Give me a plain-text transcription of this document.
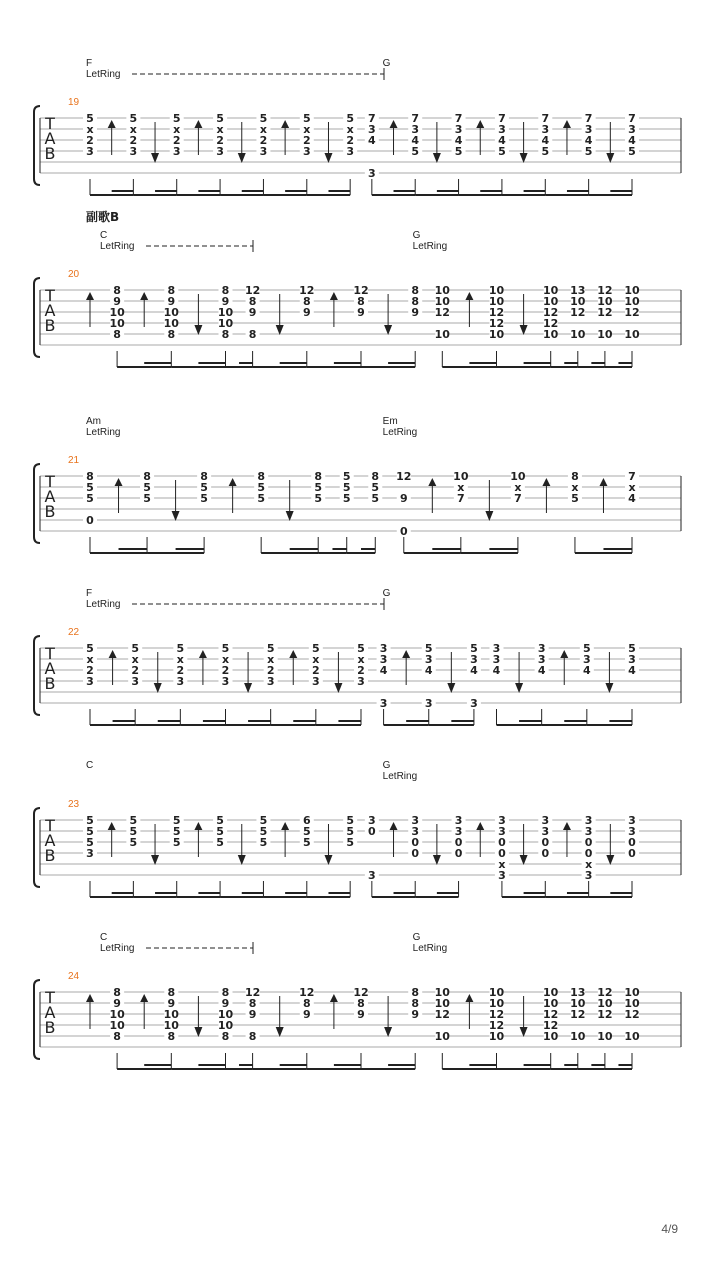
T
A
B
19
F
LetRing
G
5
x
2
3
5
x
2
3
5
x
2
3
5
x
2
3
5
x
2
3
5
x
2
3
5
x
2
3
7
3
4
3
7
3
4
5
7
3
4
5
7
3
4
5
7
3
4
5
7
3
4
5
7
3
4
5
T
A
B
20
副歌B
C
LetRing
G
LetRing
8
9
10
10
8
8
9
10
10
8
8
9
10
10
8
12
8
9
8
12
8
9
12
8
9
8
8
9
10
10
12
10
10
10
12
12
10
10
10
12
12
10
13
10
12
10
12
10
12
10
10
10
12
10
T
A
B
21
Am
LetRing
Em
LetRing
8
5
5
0
8
5
5
8
5
5
8
5
5
8
5
5
5
5
5
8
5
5
12
9
0
10
x
7
10
x
7
8
x
5
7
x
4
T
A
B
22
F
LetRing
G
5
x
2
3
5
x
2
3
5
x
2
3
5
x
2
3
5
x
2
3
5
x
2
3
5
x
2
3
3
3
4
3
5
3
4
3
5
3
4
3
3
3
4
3
3
4
5
3
4
5
3
4
T
A
B
23
C	G
LetRing
5
5
5
3
5
5
5
5
5
5
5
5
5
5
5
5
6
5
5
5
5
5
3
0
3
3
3
0
0
3
3
0
0
3
3
0
0
x
3
3
3
0
0
3
3
0
0
x
3
3
3
0
0
T
A
B
24
C
LetRing
G
LetRing
8
9
10
10
8
8
9
10
10
8
8
9
10
10
8
12
8
9
8
12
8
9
12
8
9
8
8
9
10
10
12
10
10
10
12
12
10
10
10
12
12
10
13
10
12
10
12
10
12
10
10
10
12
10
4/9
